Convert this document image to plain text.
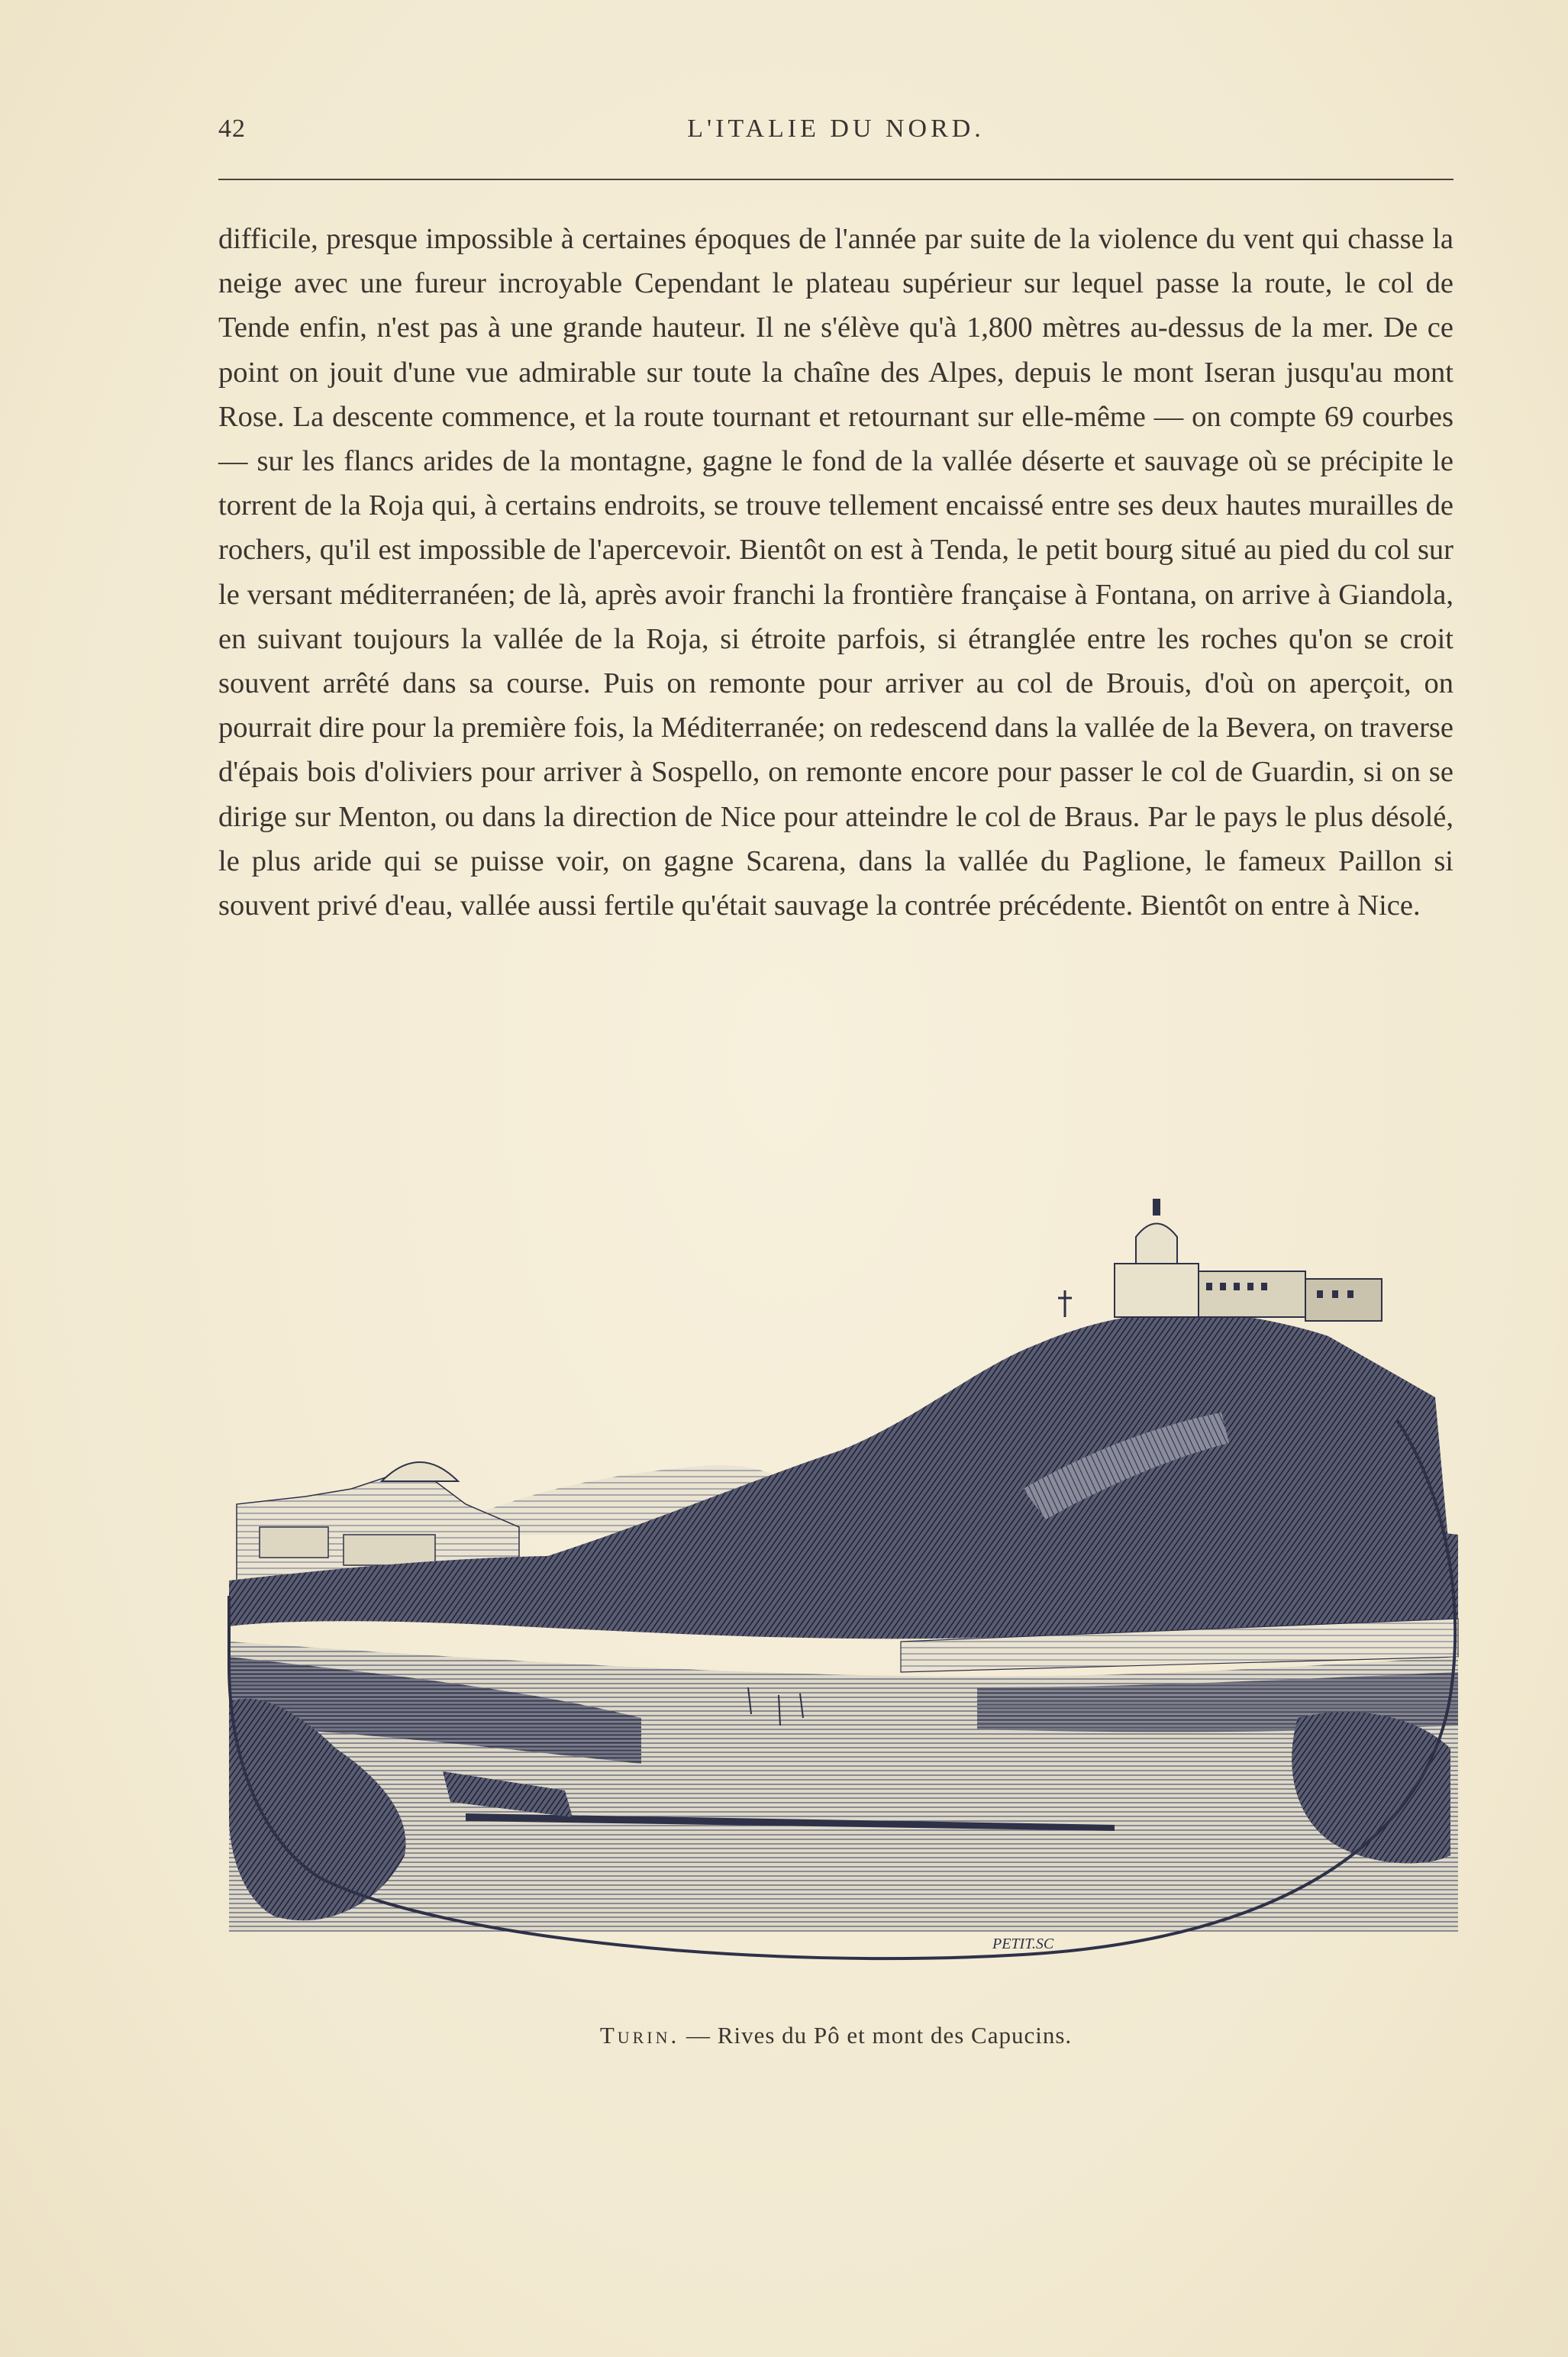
42	L'ITALIE DU NORD.

difficile, presque impossible à certaines époques de l'année par suite de la violence du vent qui chasse la neige avec une fureur incroyable Cependant le plateau supérieur sur lequel passe la route, le col de Tende enfin, n'est pas à une grande hauteur. Il ne s'élève qu'à 1,800 mètres au-dessus de la mer. De ce point on jouit d'une vue admirable sur toute la chaîne des Alpes, depuis le mont Iseran jusqu'au mont Rose. La descente commence, et la route tournant et retournant sur elle-même — on compte 69 courbes — sur les flancs arides de la montagne, gagne le fond de la vallée déserte et sauvage où se précipite le torrent de la Roja qui, à certains endroits, se trouve tellement encaissé entre ses deux hautes murailles de rochers, qu'il est impossible de l'apercevoir. Bientôt on est à Tenda, le petit bourg situé au pied du col sur le versant méditerranéen; de là, après avoir franchi la frontière française à Fontana, on arrive à Giandola, en suivant toujours la vallée de la Roja, si étroite parfois, si étranglée entre les roches qu'on se croit souvent arrêté dans sa course. Puis on remonte pour arriver au col de Brouis, d'où on aperçoit, on pourrait dire pour la première fois, la Méditerranée; on redescend dans la vallée de la Bevera, on traverse d'épais bois d'oliviers pour arriver à Sospello, on remonte encore pour passer le col de Guardin, si on se dirige sur Menton, ou dans la direction de Nice pour atteindre le col de Braus. Par le pays le plus désolé, le plus aride qui se puisse voir, on gagne Scarena, dans la vallée du Paglione, le fameux Paillon si souvent privé d'eau, vallée aussi fertile qu'était sauvage la contrée précédente. Bientôt on entre à Nice.

PETIT.SC
Turin. — Rives du Pô et mont des Capucins.
